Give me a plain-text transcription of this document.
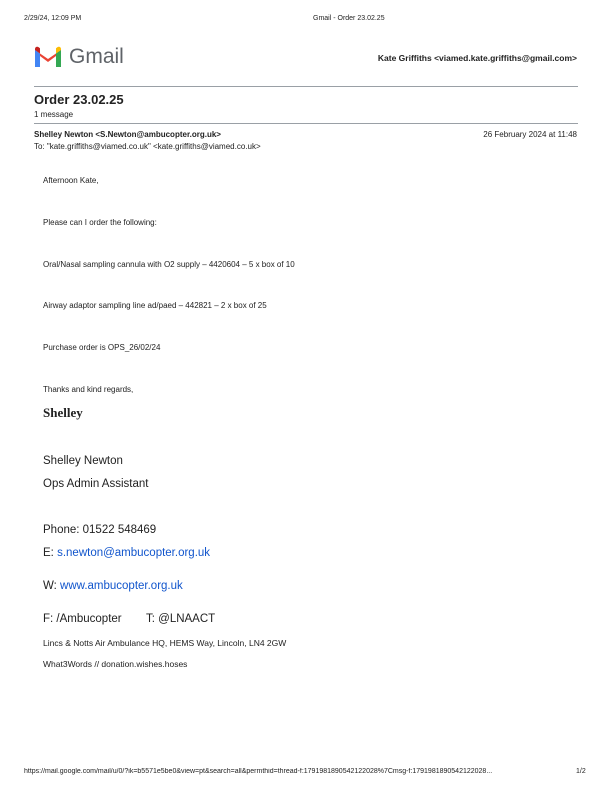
2/29/24, 12:09 PM	Gmail - Order 23.02.25
Gmail	Kate Griffiths <viamed.kate.griffiths@gmail.com>
Order 23.02.25
1 message
Shelley Newton <S.Newton@ambucopter.org.uk>	26 February 2024 at 11:48
To: "kate.griffiths@viamed.co.uk" <kate.griffiths@viamed.co.uk>
Afternoon Kate,
Please can I order the following:
Oral/Nasal sampling cannula with O2 supply – 4420604 – 5 x box of 10
Airway adaptor sampling line ad/paed – 442821 – 2 x box of 25
Purchase order is OPS_26/02/24
Thanks and kind regards,
Shelley
Shelley Newton
Ops Admin Assistant
Phone: 01522 548469
E: s.newton@ambucopter.org.uk
W: www.ambucopter.org.uk
F: /Ambucopter T: @LNAACT
Lincs & Notts Air Ambulance HQ, HEMS Way, Lincoln, LN4 2GW
What3Words // donation.wishes.hoses
https://mail.google.com/mail/u/0/?ik=b5571e5be0&view=pt&search=all&permthid=thread-f:1791981890542122028%7Cmsg-f:1791981890542122028...	1/2
